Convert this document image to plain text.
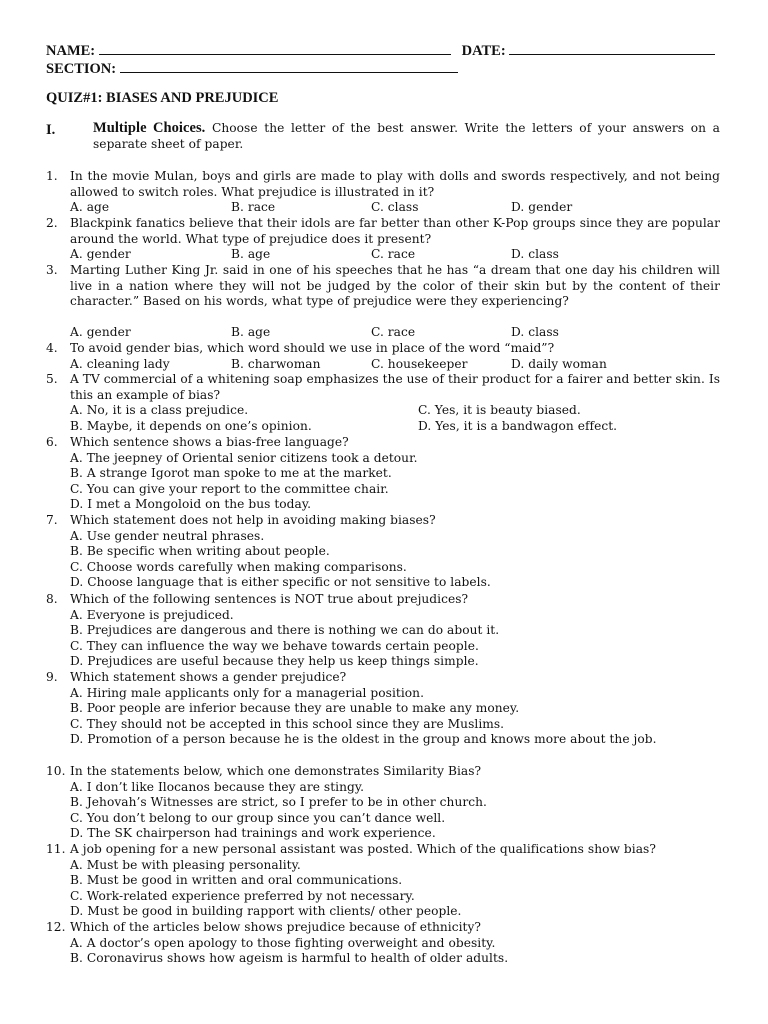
NAME:	DATE:
SECTION:
QUIZ#1: BIASES AND PREJUDICE
I.	Multiple Choices. Choose the letter of the best answer. Write the letters of your answers on a separate sheet of paper.
1. In the movie Mulan, boys and girls are made to play with dolls and swords respectively, and not being allowed to switch roles. What prejudice is illustrated in it?
A. age	B. race	C. class	D. gender
2. Blackpink fanatics believe that their idols are far better than other K-Pop groups since they are popular around the world. What type of prejudice does it present?
A. gender	B. age	C. race	D. class
3. Marting Luther King Jr. said in one of his speeches that he has “a dream that one day his children will live in a nation where they will not be judged by the color of their skin but by the content of their character.” Based on his words, what type of prejudice were they experiencing?
A. gender	B. age	C. race	D. class
4. To avoid gender bias, which word should we use in place of the word “maid”?
A. cleaning lady	B. charwoman	C. housekeeper	D. daily woman
5. A TV commercial of a whitening soap emphasizes the use of their product for a fairer and better skin. Is this an example of bias?
A. No, it is a class prejudice.	C. Yes, it is beauty biased.
B. Maybe, it depends on one’s opinion.	D. Yes, it is a bandwagon effect.
6. Which sentence shows a bias-free language?
A. The jeepney of Oriental senior citizens took a detour.
B. A strange Igorot man spoke to me at the market.
C. You can give your report to the committee chair.
D. I met a Mongoloid on the bus today.
7. Which statement does not help in avoiding making biases?
A. Use gender neutral phrases.
B. Be specific when writing about people.
C. Choose words carefully when making comparisons.
D. Choose language that is either specific or not sensitive to labels.
8. Which of the following sentences is NOT true about prejudices?
A. Everyone is prejudiced.
B. Prejudices are dangerous and there is nothing we can do about it.
C. They can influence the way we behave towards certain people.
D. Prejudices are useful because they help us keep things simple.
9. Which statement shows a gender prejudice?
A. Hiring male applicants only for a managerial position.
B. Poor people are inferior because they are unable to make any money.
C. They should not be accepted in this school since they are Muslims.
D. Promotion of a person because he is the oldest in the group and knows more about the job.
10. In the statements below, which one demonstrates Similarity Bias?
A. I don’t like Ilocanos because they are stingy.
B. Jehovah’s Witnesses are strict, so I prefer to be in other church.
C. You don’t belong to our group since you can’t dance well.
D. The SK chairperson had trainings and work experience.
11. A job opening for a new personal assistant was posted. Which of the qualifications show bias?
A. Must be with pleasing personality.
B. Must be good in written and oral communications.
C. Work-related experience preferred by not necessary.
D. Must be good in building rapport with clients/ other people.
12. Which of the articles below shows prejudice because of ethnicity?
A. A doctor’s open apology to those fighting overweight and obesity.
B. Coronavirus shows how ageism is harmful to health of older adults.
